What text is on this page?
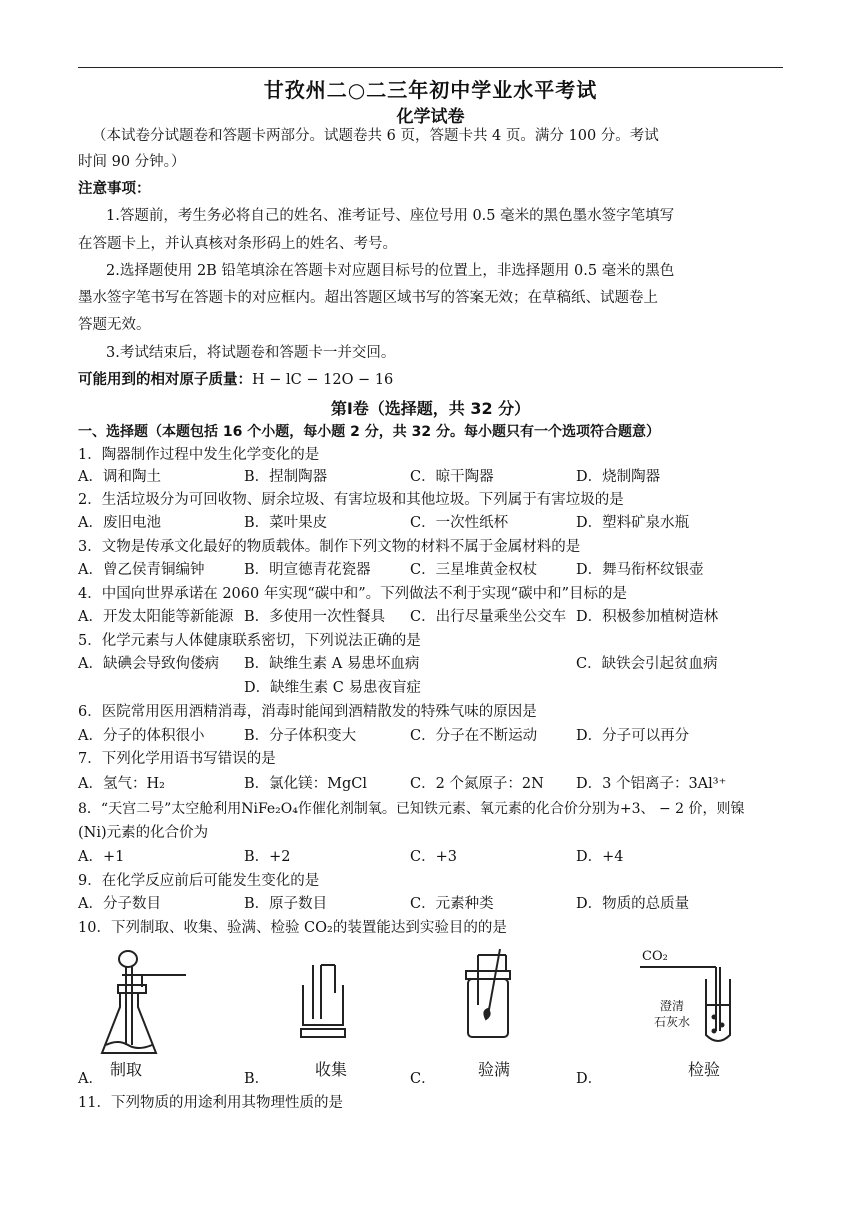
甘孜州二○二三年初中学业水平考试
化学试卷
（本试卷分试题卷和答题卡两部分。试题卷共 6 页，答题卡共 4 页。满分 100 分。考试
时间 90 分钟。）
注意事项：
1.答题前，考生务必将自己的姓名、准考证号、座位号用 0.5 毫米的黑色墨水签字笔填写
在答题卡上，并认真核对条形码上的姓名、考号。
2.选择题使用 2B 铅笔填涂在答题卡对应题目标号的位置上，非选择题用 0.5 毫米的黑色
墨水签字笔书写在答题卡的对应框内。超出答题区域书写的答案无效；在草稿纸、试题卷上
答题无效。
3.考试结束后，将试题卷和答题卡一并交回。
可能用到的相对原子质量：H − lC − 12O − 16
第Ⅰ卷（选择题，共 32 分）
一、选择题（本题包括 16 个小题，每小题 2 分，共 32 分。每小题只有一个选项符合题意）
1．陶器制作过程中发生化学变化的是
A．调和陶土	B．捏制陶器	C．晾干陶器	D．烧制陶器
2．生活垃圾分为可回收物、厨余垃圾、有害垃圾和其他垃圾。下列属于有害垃圾的是
A．废旧电池	B．菜叶果皮	C．一次性纸杯	D．塑料矿泉水瓶
3．文物是传承文化最好的物质载体。制作下列文物的材料不属于金属材料的是
A．曾乙侯青铜编钟	B．明宣德青花瓷器	C．三星堆黄金权杖	D．舞马衔杯纹银壶
4．中国向世界承诺在 2060 年实现“碳中和”。下列做法不利于实现“碳中和”目标的是
A．开发太阳能等新能源 B．多使用一次性餐具 C．出行尽量乘坐公交车 D．积极参加植树造林
5．化学元素与人体健康联系密切，下列说法正确的是
A．缺碘会导致佝偻病 B．缺维生素 A 易患坏血病	C．缺铁会引起贫血病
D．缺维生素 C 易患夜盲症
6．医院常用医用酒精消毒，消毒时能闻到酒精散发的特殊气味的原因是
A．分子的体积很小	B．分子体积变大	C．分子在不断运动	D．分子可以再分
7．下列化学用语书写错误的是
A．氢气：H₂	B．氯化镁：MgCl	C．2 个氮原子：2N D．3 个铝离子：3Al³⁺
8．“天宫二号”太空舱利用NiFe₂O₄作催化剂制氧。已知铁元素、氧元素的化合价分别为+3、 − 2 价，则镍
(Ni)元素的化合价为
A．+1	B．+2	C．+3	D．+4
9．在化学反应前后可能发生变化的是
A．分子数目	B．原子数目	C．元素种类	D．物质的总质量
10．下列制取、收集、验满、检验 CO₂的装置能达到实验目的的是
A． 制取	B．	收集	C．	验满	D．
CO₂
澄清
石灰水
检验
11．下列物质的用途利用其物理性质的是
